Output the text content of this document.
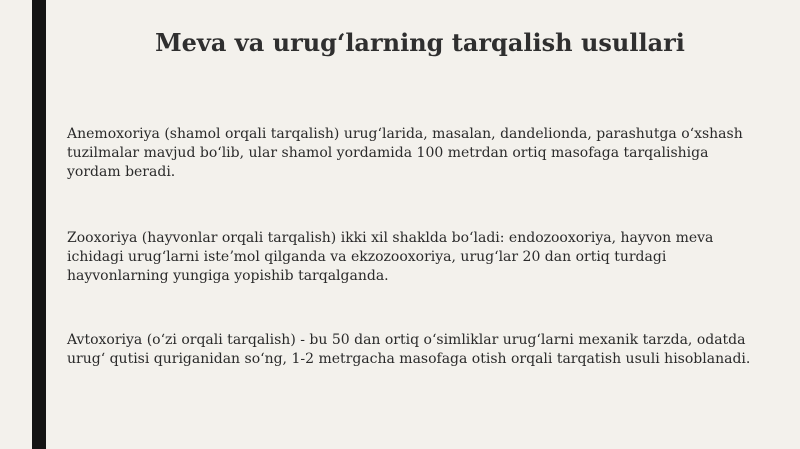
Meva va urugʻlarning tarqalish usullari

Anemoxoriya (shamol orqali tarqalish) urugʻlarida, masalan, dandelionda, parashutga oʻxshash tuzilmalar mavjud boʻlib, ular shamol yordamida 100 metrdan ortiq masofaga tarqalishiga yordam beradi.

Zooxoriya (hayvonlar orqali tarqalish) ikki xil shaklda boʻladi: endozooxoriya, hayvon meva ichidagi urugʻlarni isteʼmol qilganda va ekzozooxoriya, urugʻlar 20 dan ortiq turdagi hayvonlarning yungiga yopishib tarqalganda.

Avtoxoriya (oʻzi orqali tarqalish) - bu 50 dan ortiq oʻsimliklar urugʻlarni mexanik tarzda, odatda urugʻ qutisi quriganidan soʻng, 1-2 metrgacha masofaga otish orqali tarqatish usuli hisoblanadi.
